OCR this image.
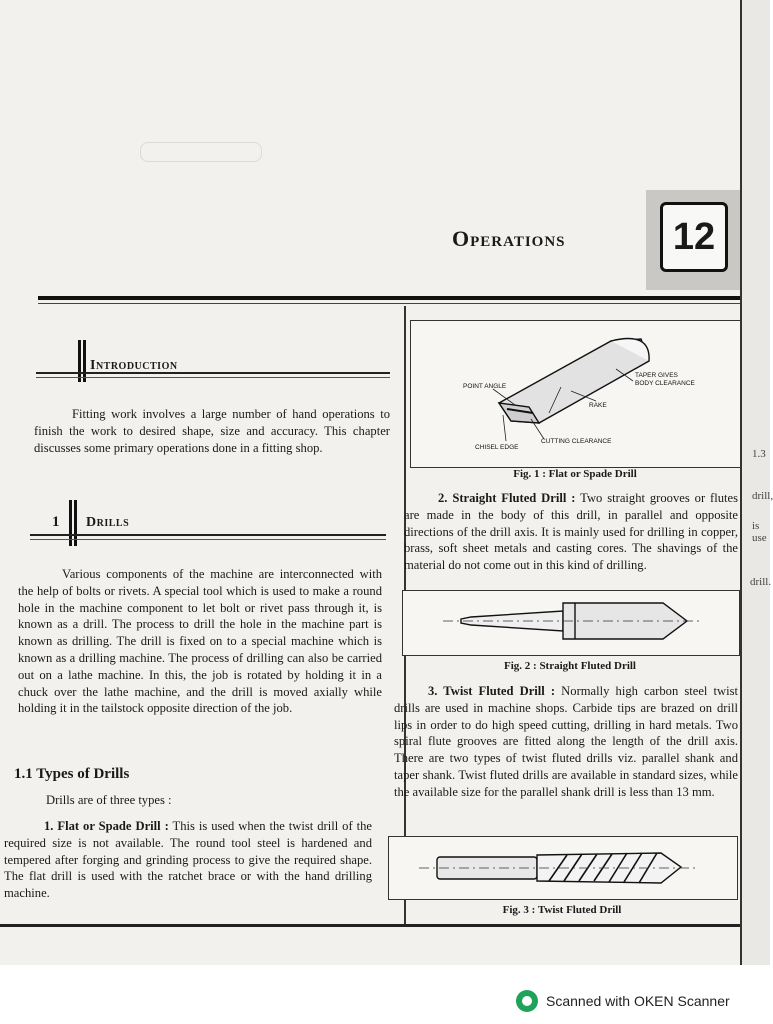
Operations	12
Introduction
Fitting work involves a large number of hand operations to finish the work to desired shape, size and accuracy. This chapter discusses some primary operations done in a fitting shop.
1 Drills
Various components of the machine are interconnected with the help of bolts or rivets. A special tool which is used to make a round hole in the machine component to let bolt or rivet pass through it, is known as a drill. The process to drill the hole in the machine part is known as drilling. The drill is fixed on to a special machine which is known as a drilling machine. The process of drilling can also be carried out on a lathe machine. In this, the job is rotated by holding it in a chuck over the lathe machine, and the drill is moved axially while holding it in the tailstock opposite direction of the job.
1.1 Types of Drills
Drills are of three types :
1. Flat or Spade Drill : This is used when the twist drill of the required size is not available. The round tool steel is hardened and tempered after forging and grinding process to give the required shape. The flat drill is used with the ratchet brace or with the hand drilling machine.
POINT ANGLE
TAPER GIVES
BODY CLEARANCE
RAKE
CHISEL EDGE
CUTTING CLEARANCE
Fig. 1 : Flat or Spade Drill
2. Straight Fluted Drill : Two straight grooves or flutes are made in the body of this drill, in parallel and opposite directions of the drill axis. It is mainly used for drilling in copper, brass, soft sheet metals and casting cores. The shavings of the material do not come out in this kind of drilling.
Fig. 2 : Straight Fluted Drill
3. Twist Fluted Drill : Normally high carbon steel twist drills are used in machine shops. Carbide tips are brazed on drill lips in order to do high speed cutting, drilling in hard metals. Two spiral flute grooves are fitted along the length of the drill axis. There are two types of twist fluted drills viz. parallel shank and taper shank. Twist fluted drills are available in standard sizes, while the available size for the parallel shank drill is less than 13 mm.
Fig. 3 : Twist Fluted Drill
1.3
drill,
is use
drill.
Scanned with OKEN Scanner
